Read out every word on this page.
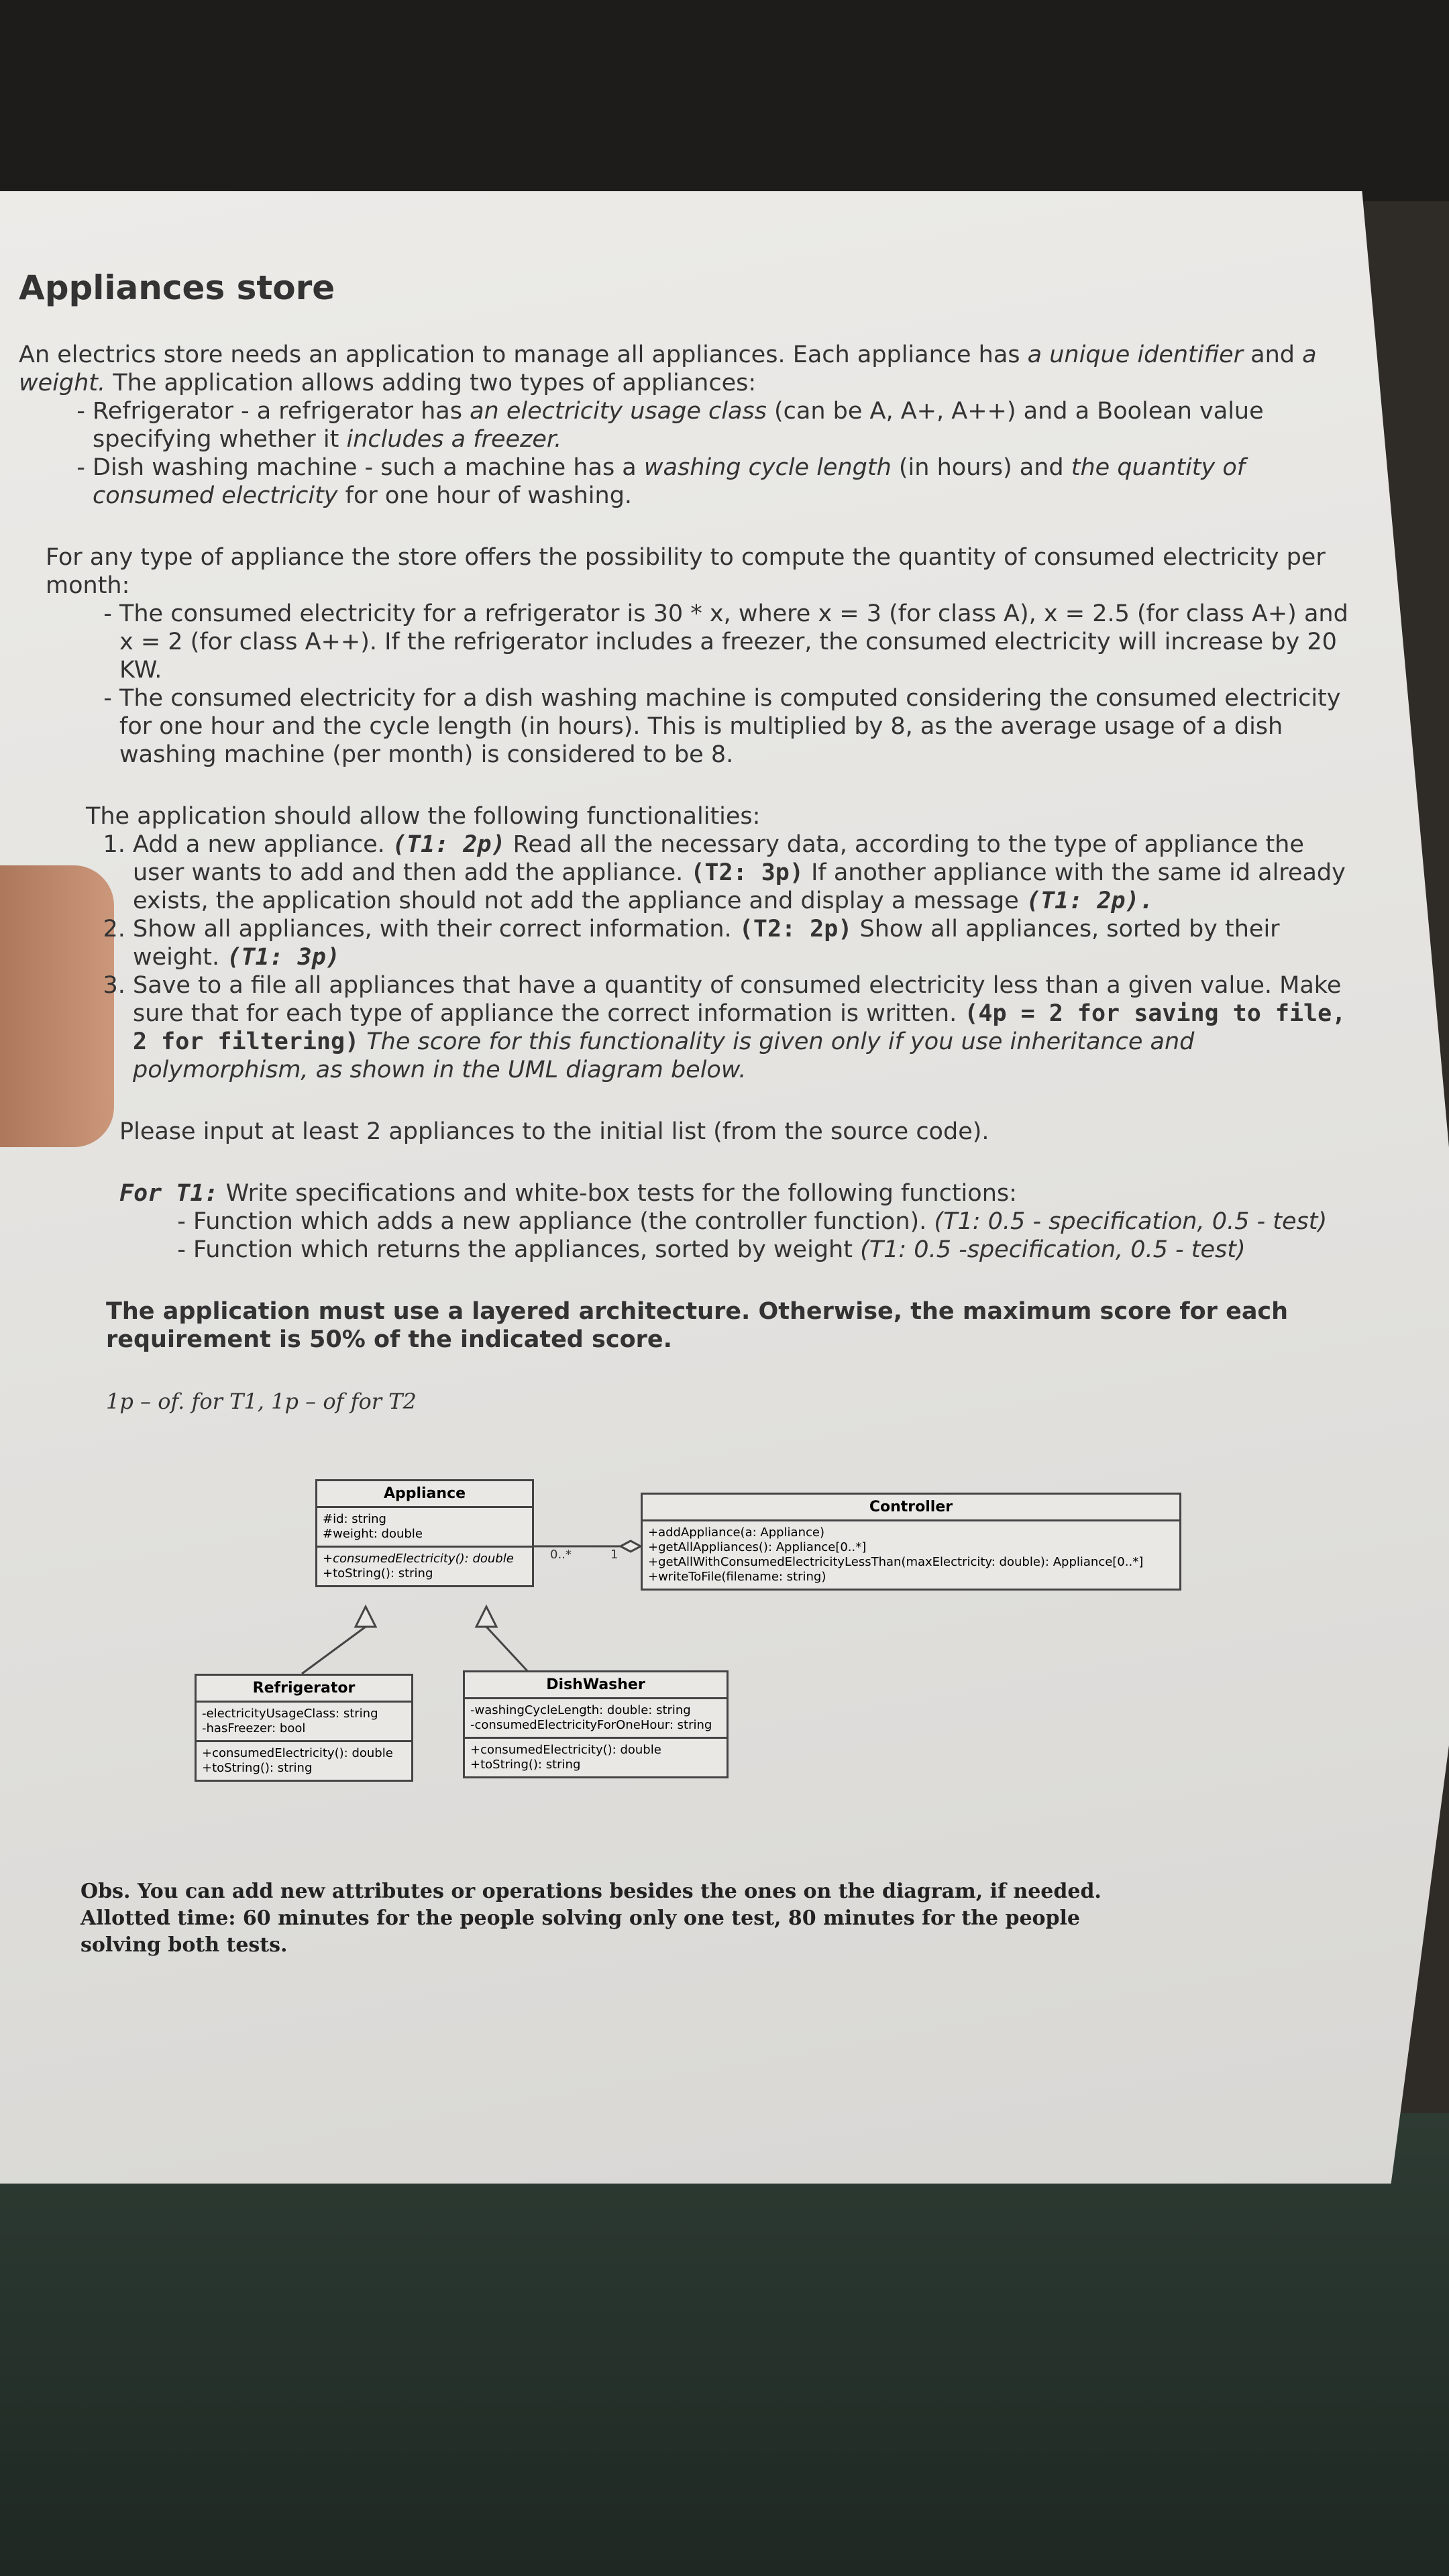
Appliances store

An electrics store needs an application to manage all appliances. Each appliance has a unique identifier and a weight. The application allows adding two types of appliances:

- Refrigerator - a refrigerator has an electricity usage class (can be A, A+, A++) and a Boolean value specifying whether it includes a freezer.
- Dish washing machine - such a machine has a washing cycle length (in hours) and the quantity of consumed electricity for one hour of washing.

For any type of appliance the store offers the possibility to compute the quantity of consumed electricity per month:

- The consumed electricity for a refrigerator is 30 * x, where x = 3 (for class A), x = 2.5 (for class A+) and x = 2 (for class A++). If the refrigerator includes a freezer, the consumed electricity will increase by 20 KW.
- The consumed electricity for a dish washing machine is computed considering the consumed electricity for one hour and the cycle length (in hours). This is multiplied by 8, as the average usage of a dish washing machine (per month) is considered to be 8.

The application should allow the following functionalities:

1. Add a new appliance. (T1: 2p) Read all the necessary data, according to the type of appliance the user wants to add and then add the appliance. (T2: 3p) If another appliance with the same id already exists, the application should not add the appliance and display a message (T1: 2p).
2. Show all appliances, with their correct information. (T2: 2p) Show all appliances, sorted by their weight. (T1: 3p)
3. Save to a file all appliances that have a quantity of consumed electricity less than a given value. Make sure that for each type of appliance the correct information is written. (4p = 2 for saving to file, 2 for filtering) The score for this functionality is given only if you use inheritance and polymorphism, as shown in the UML diagram below.

Please input at least 2 appliances to the initial list (from the source code).

For T1: Write specifications and white-box tests for the following functions:

- Function which adds a new appliance (the controller function). (T1: 0.5 - specification, 0.5 - test)
- Function which returns the appliances, sorted by weight (T1: 0.5 -specification, 0.5 - test)

The application must use a layered architecture. Otherwise, the maximum score for each requirement is 50% of the indicated score.

1p – of. for T1, 1p – of for T2

Appliance
#id: string
#weight: double
+consumedElectricity(): double
+toString(): string
0..*	1
Controller
+addAppliance(a: Appliance)
+getAllAppliances(): Appliance[0..*]
+getAllWithConsumedElectricityLessThan(maxElectricity: double): Appliance[0..*]
+writeToFile(filename: string)
Refrigerator
-electricityUsageClass: string
-hasFreezer: bool
+consumedElectricity(): double
+toString(): string
DishWasher
-washingCycleLength: double: string
-consumedElectricityForOneHour: string
+consumedElectricity(): double
+toString(): string

Obs. You can add new attributes or operations besides the ones on the diagram, if needed.

Allotted time: 60 minutes for the people solving only one test, 80 minutes for the people solving both tests.
